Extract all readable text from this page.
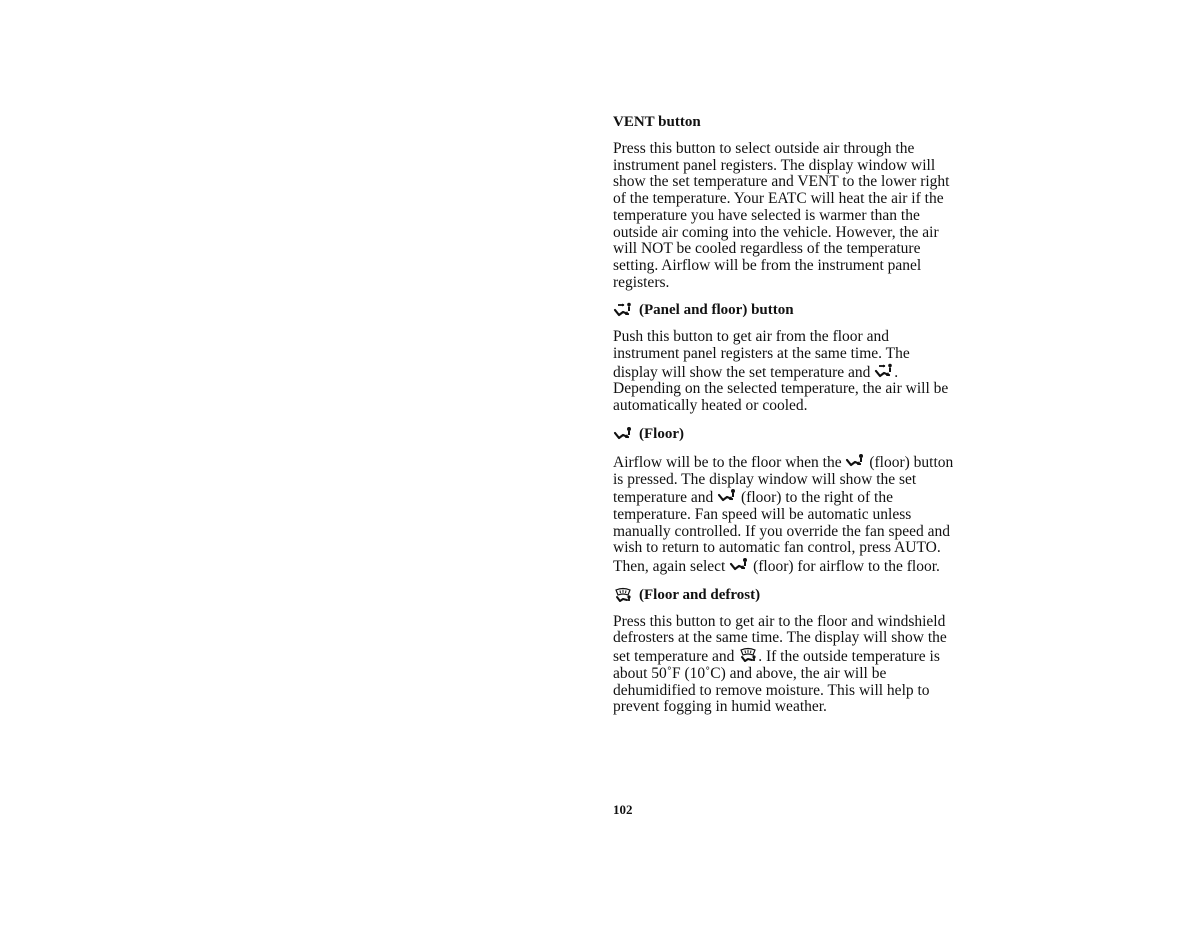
VENT button

Press this button to select outside air through the instrument panel registers. The display window will show the set temperature and VENT to the lower right of the temperature. Your EATC will heat the air if the temperature you have selected is warmer than the outside air coming into the vehicle. However, the air will NOT be cooled regardless of the temperature setting. Airflow will be from the instrument panel registers.

(Panel and floor) button

Push this button to get air from the floor and instrument panel registers at the same time. The display will show the set temperature and
. Depending on the selected temperature, the air will be automatically heated or cooled.

(Floor)

Airflow will be to the floor when the
(floor) button is pressed. The display window will show the set temperature and
(floor) to the right of the temperature. Fan speed will be automatic unless manually controlled. If you override the fan speed and wish to return to automatic fan control, press AUTO. Then, again select
(floor) for airflow to the floor.

(Floor and defrost)

Press this button to get air to the floor and windshield defrosters at the same time. The display will show the set temperature and
. If the outside temperature is about 50˚F (10˚C) and above, the air will be dehumidified to remove moisture. This will help to prevent fogging in humid weather.

102
